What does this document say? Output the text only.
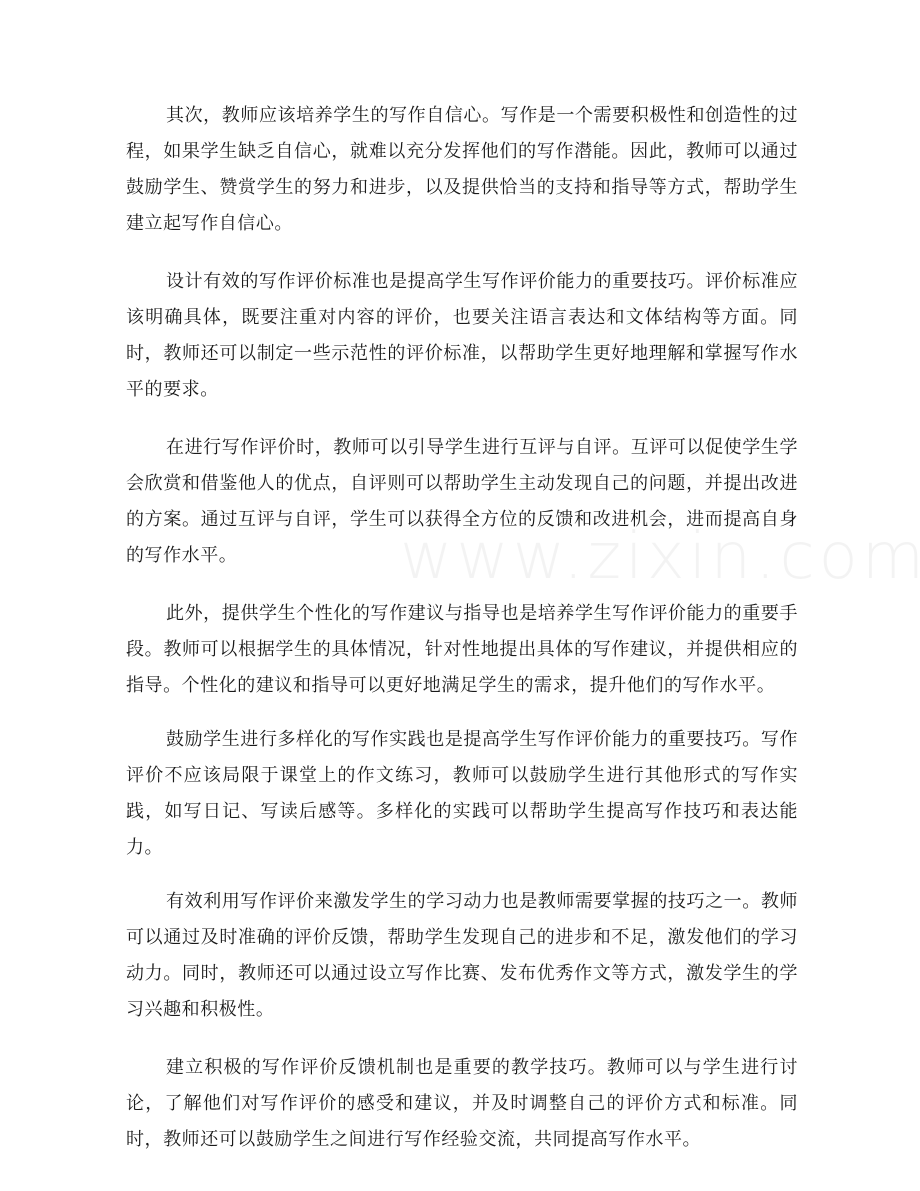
其次，教师应该培养学生的写作自信心。写作是一个需要积极性和创造性的过程，如果学生缺乏自信心，就难以充分发挥他们的写作潜能。因此，教师可以通过鼓励学生、赞赏学生的努力和进步，以及提供恰当的支持和指导等方式，帮助学生建立起写作自信心。

设计有效的写作评价标准也是提高学生写作评价能力的重要技巧。评价标准应该明确具体，既要注重对内容的评价，也要关注语言表达和文体结构等方面。同时，教师还可以制定一些示范性的评价标准，以帮助学生更好地理解和掌握写作水平的要求。

在进行写作评价时，教师可以引导学生进行互评与自评。互评可以促使学生学会欣赏和借鉴他人的优点，自评则可以帮助学生主动发现自己的问题，并提出改进的方案。通过互评与自评，学生可以获得全方位的反馈和改进机会，进而提高自身的写作水平。

此外，提供学生个性化的写作建议与指导也是培养学生写作评价能力的重要手段。教师可以根据学生的具体情况，针对性地提出具体的写作建议，并提供相应的指导。个性化的建议和指导可以更好地满足学生的需求，提升他们的写作水平。

鼓励学生进行多样化的写作实践也是提高学生写作评价能力的重要技巧。写作评价不应该局限于课堂上的作文练习，教师可以鼓励学生进行其他形式的写作实践，如写日记、写读后感等。多样化的实践可以帮助学生提高写作技巧和表达能力。

有效利用写作评价来激发学生的学习动力也是教师需要掌握的技巧之一。教师可以通过及时准确的评价反馈，帮助学生发现自己的进步和不足，激发他们的学习动力。同时，教师还可以通过设立写作比赛、发布优秀作文等方式，激发学生的学习兴趣和积极性。

建立积极的写作评价反馈机制也是重要的教学技巧。教师可以与学生进行讨论，了解他们对写作评价的感受和建议，并及时调整自己的评价方式和标准。同时，教师还可以鼓励学生之间进行写作经验交流，共同提高写作水平。
